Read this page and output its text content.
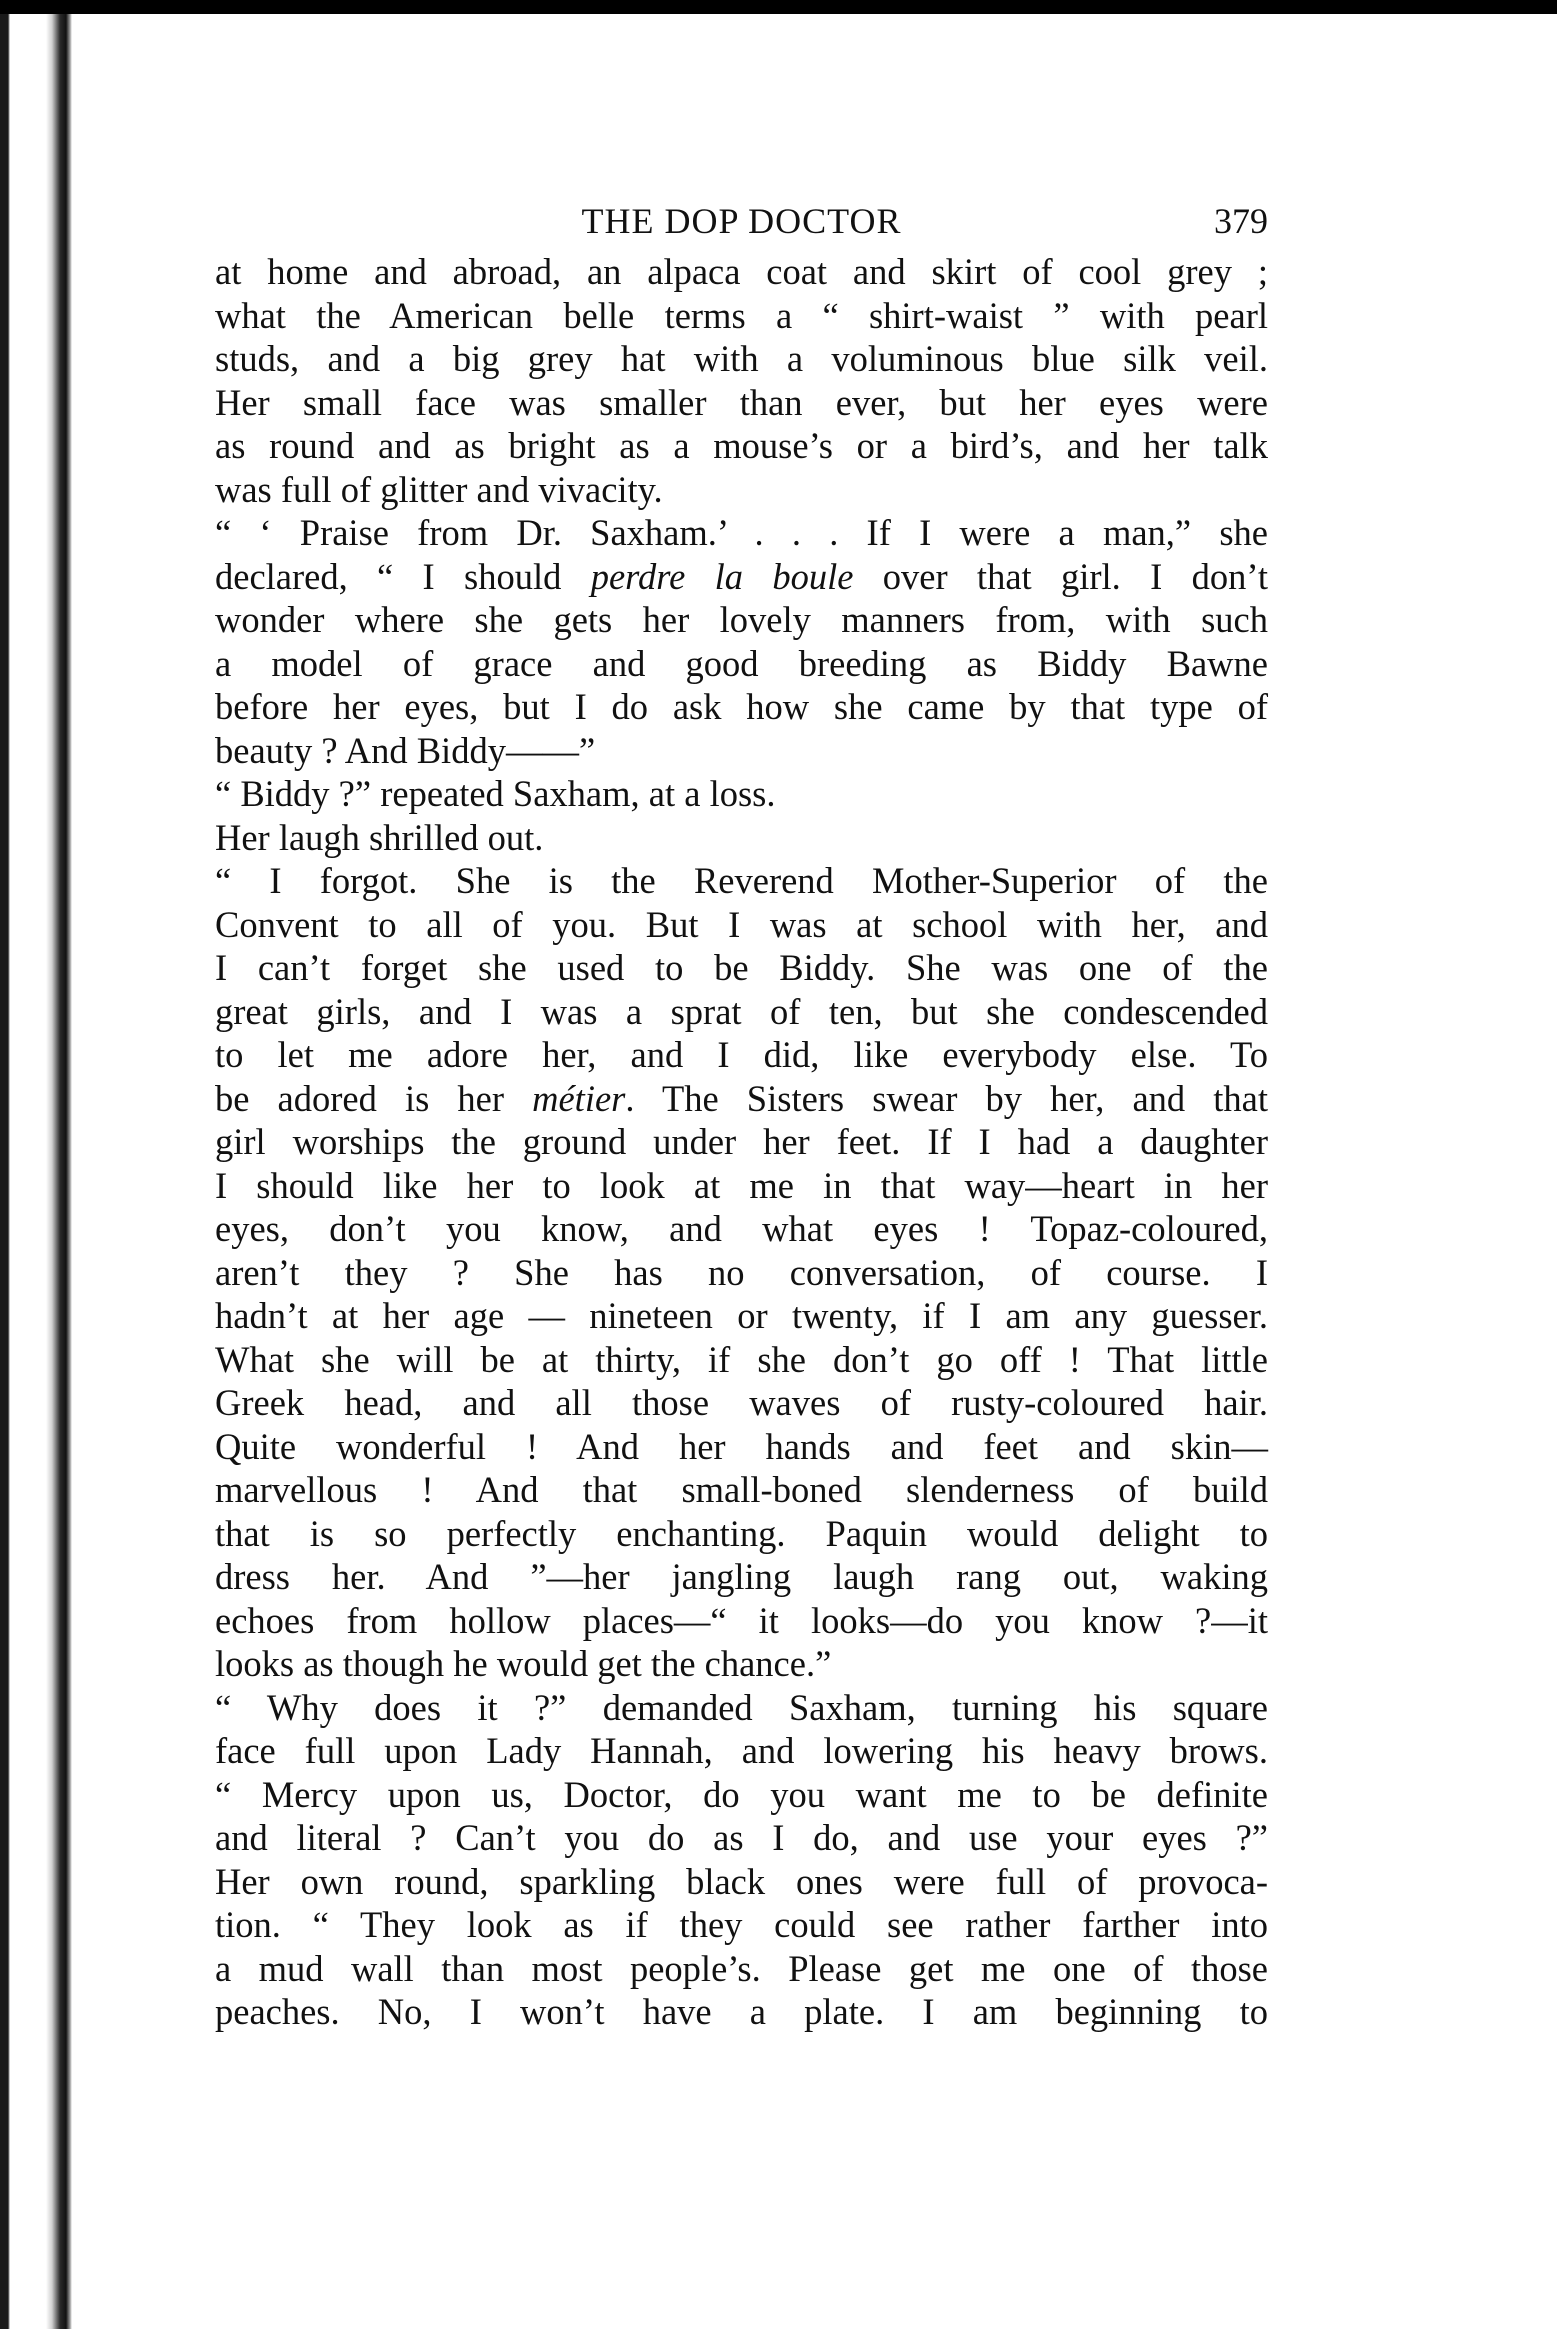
THE DOP DOCTOR	379
at home and abroad, an alpaca coat and skirt of cool grey ;
what the American belle terms a “ shirt-waist ” with pearl
studs, and a big grey hat with a voluminous blue silk veil.
Her small face was smaller than ever, but her eyes were
as round and as bright as a mouse’s or a bird’s, and her talk
was full of glitter and vivacity.
“ ‘ Praise from Dr. Saxham.’ . . . If I were a man,” she
declared, “ I should perdre la boule over that girl. I don’t
wonder where she gets her lovely manners from, with such
a model of grace and good breeding as Biddy Bawne
before her eyes, but I do ask how she came by that type of
beauty ? And Biddy——”
“ Biddy ?” repeated Saxham, at a loss.
Her laugh shrilled out.
“ I forgot. She is the Reverend Mother-Superior of the
Convent to all of you. But I was at school with her, and
I can’t forget she used to be Biddy. She was one of the
great girls, and I was a sprat of ten, but she condescended
to let me adore her, and I did, like everybody else. To
be adored is her métier. The Sisters swear by her, and that
girl worships the ground under her feet. If I had a daughter
I should like her to look at me in that way—heart in her
eyes, don’t you know, and what eyes ! Topaz-coloured,
aren’t they ? She has no conversation, of course. I
hadn’t at her age — nineteen or twenty, if I am any guesser.
What she will be at thirty, if she don’t go off ! That little
Greek head, and all those waves of rusty-coloured hair.
Quite wonderful ! And her hands and feet and skin—
marvellous ! And that small-boned slenderness of build
that is so perfectly enchanting. Paquin would delight to
dress her. And ”—her jangling laugh rang out, waking
echoes from hollow places—“ it looks—do you know ?—it
looks as though he would get the chance.”
“ Why does it ?” demanded Saxham, turning his square
face full upon Lady Hannah, and lowering his heavy brows.
“ Mercy upon us, Doctor, do you want me to be definite
and literal ? Can’t you do as I do, and use your eyes ?”
Her own round, sparkling black ones were full of provoca-
tion. “ They look as if they could see rather farther into
a mud wall than most people’s. Please get me one of those
peaches. No, I won’t have a plate. I am beginning to
